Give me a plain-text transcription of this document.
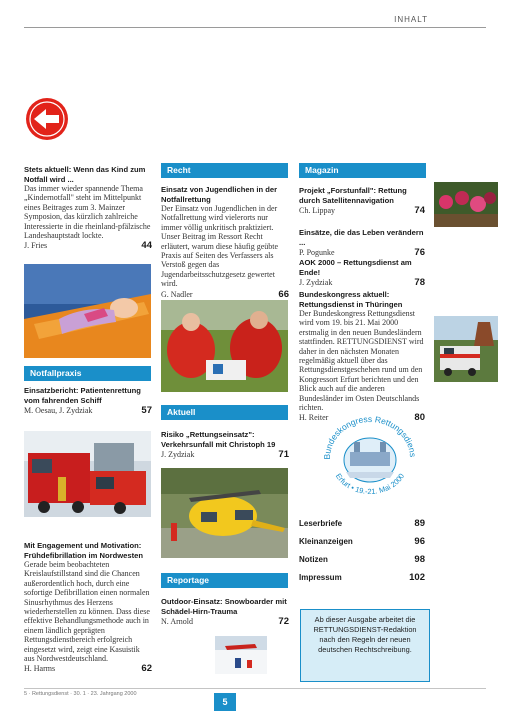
INHALT
Stets aktuell: Wenn das Kind zum Notfall wird ...
Das immer wieder spannende Thema „Kindernotfall" steht im Mittelpunkt eines Beitrages zum 3. Mainzer Symposion, das kürzlich zahlreiche Interessierte in die rheinland-pfälzische Landeshauptstadt lockte.
J. Fries	44
Notfallpraxis
Einsatzbericht: Patientenrettung vom fahrenden Schiff
M. Oesau, J. Zydziak	57
Mit Engagement und Motivation: Frühdefibrillation im Nordwesten
Gerade beim beobachteten Kreislaufstillstand sind die Chancen außerordentlich hoch, durch eine sofortige Defibrillation einen normalen Sinusrhythmus des Herzens wiederherstellen zu können. Dass diese effektive Behandlungsmethode auch in einem ländlich geprägten Rettungsdienstbereich erfolgreich eingesetzt wird, zeigt eine Kasuistik aus Nordwestdeutschland.
H. Harms	62
Recht
Einsatz von Jugendlichen in der Notfallrettung
Der Einsatz von Jugendlichen in der Notfallrettung wird vielerorts nur immer völlig unkritisch praktiziert. Unser Beitrag im Ressort Recht erläutert, warum diese häufig geübte Praxis auf Seiten des Verfassers als Verstoß gegen das Jugendarbeitsschutzgesetz gewertet wird.
G. Nadler	66
Aktuell
Risiko „Rettungseinsatz": Verkehrsunfall mit Christoph 19
J. Zydziak	71
Reportage
Outdoor-Einsatz: Snowboarder mit Schädel-Hirn-Trauma
N. Arnold	72
Magazin
Projekt „Forstunfall": Rettung durch Satellitennavigation
Ch. Lippay	74
Einsätze, die das Leben verändern ...
P. Pogunke	76
AOK 2000 – Rettungsdienst am Ende!
J. Zydziak	78
Bundeskongress aktuell: Rettungsdienst in Thüringen
Der Bundeskongress Rettungsdienst wird vom 19. bis 21. Mai 2000 erstmalig in den neuen Bundesländern stattfinden. RETTUNGSDIENST wird daher in den nächsten Monaten regelmäßig aktuell über das Rettungsdienstgeschehen rund um den Kongressort Erfurt berichten und den Blick auch auf die anderen Bundesländer im Osten Deutschlands richten.
H. Reiter	80
Bundeskongress Rettungsdiens
Erfurt • 19.-21. Mai 2000
Leserbriefe	89
Kleinanzeigen	96
Notizen	98
Impressum	102
Ab dieser Ausgabe arbeitet die RETTUNGSDIENST-Redaktion nach den Regeln der neuen deutschen Rechtschreibung.
5 · Rettungsdienst · 30. 1 · 23. Jahrgang 2000
5
